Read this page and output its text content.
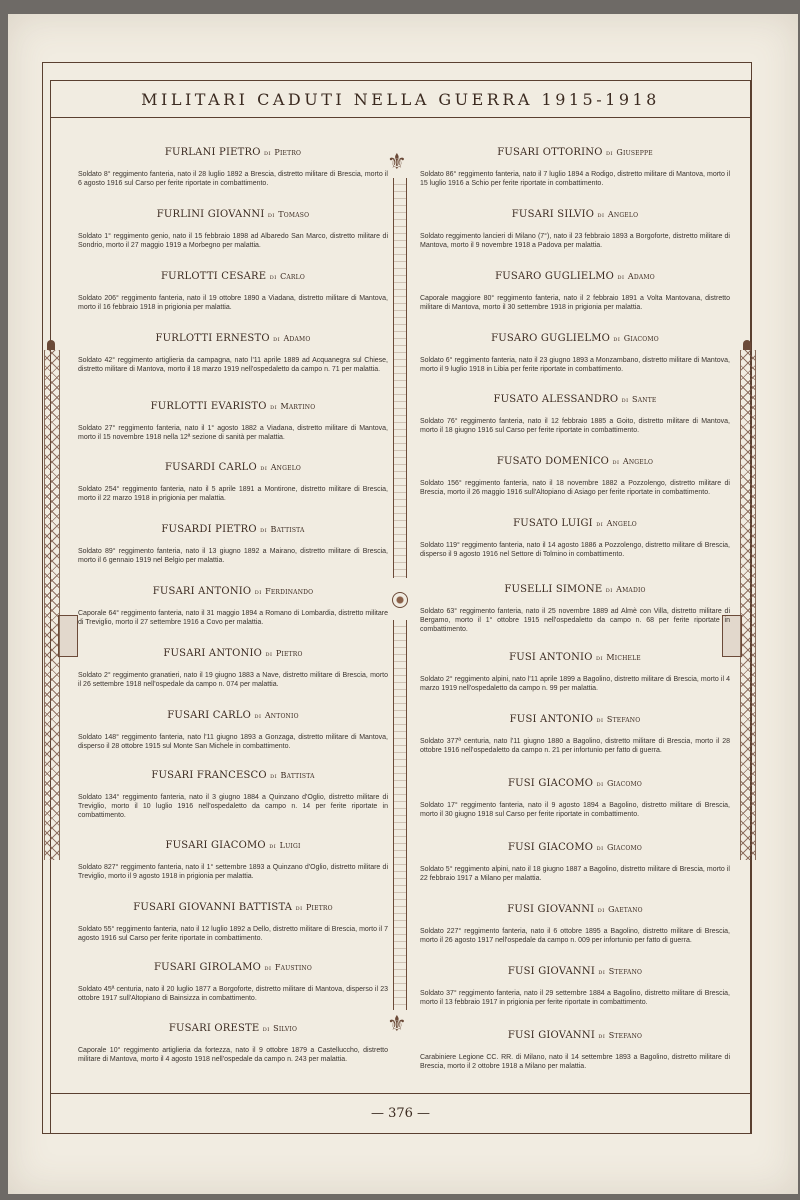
MILITARI CADUTI NELLA GUERRA 1915-1918
⚜
⚜

FURLANI PIETRO di Pietro

Soldato 8° reggimento fanteria, nato il 28 luglio 1892 a Brescia, distretto militare di Brescia, morto il 6 agosto 1916 sul Carso per ferite riportate in combattimento.

FURLINI GIOVANNI di Tomaso

Soldato 1° reggimento genio, nato il 15 febbraio 1898 ad Albaredo San Marco, distretto militare di Sondrio, morto il 27 maggio 1919 a Morbegno per malattia.

FURLOTTI CESARE di Carlo

Soldato 206° reggimento fanteria, nato il 19 ottobre 1890 a Viadana, distretto militare di Mantova, morto il 16 febbraio 1918 in prigionia per malattia.

FURLOTTI ERNESTO di Adamo

Soldato 42° reggimento artiglieria da campagna, nato l'11 aprile 1889 ad Acquanegra sul Chiese, distretto militare di Mantova, morto il 18 marzo 1919 nell'ospedaletto da campo n. 71 per malattia.

FURLOTTI EVARISTO di Martino

Soldato 27° reggimento fanteria, nato il 1° agosto 1882 a Viadana, distretto militare di Mantova, morto il 15 novembre 1918 nella 12ª sezione di sanità per malattia.

FUSARDI CARLO di Angelo

Soldato 254° reggimento fanteria, nato il 5 aprile 1891 a Montirone, distretto militare di Brescia, morto il 22 marzo 1918 in prigionia per malattia.

FUSARDI PIETRO di Battista

Soldato 89° reggimento fanteria, nato il 13 giugno 1892 a Mairano, distretto militare di Brescia, morto il 6 gennaio 1919 nel Belgio per malattia.

FUSARI ANTONIO di Ferdinando

Caporale 64° reggimento fanteria, nato il 31 maggio 1894 a Romano di Lombardia, distretto militare di Treviglio, morto il 27 settembre 1916 a Covo per malattia.

FUSARI ANTONIO di Pietro

Soldato 2° reggimento granatieri, nato il 19 giugno 1883 a Nave, distretto militare di Brescia, morto il 26 settembre 1918 nell'ospedale da campo n. 074 per malattia.

FUSARI CARLO di Antonio

Soldato 148° reggimento fanteria, nato l'11 giugno 1893 a Gonzaga, distretto militare di Mantova, disperso il 28 ottobre 1915 sul Monte San Michele in combattimento.

FUSARI FRANCESCO di Battista

Soldato 134° reggimento fanteria, nato il 3 giugno 1884 a Quinzano d'Oglio, distretto militare di Treviglio, morto il 10 luglio 1916 nell'ospedaletto da campo n. 14 per ferite riportate in combattimento.

FUSARI GIACOMO di Luigi

Soldato 827° reggimento fanteria, nato il 1° settembre 1893 a Quinzano d'Oglio, distretto militare di Treviglio, morto il 9 agosto 1918 in prigionia per malattia.

FUSARI GIOVANNI BATTISTA di Pietro

Soldato 55° reggimento fanteria, nato il 12 luglio 1892 a Dello, distretto militare di Brescia, morto il 7 agosto 1916 sul Carso per ferite riportate in combattimento.

FUSARI GIROLAMO di Faustino

Soldato 45ª centuria, nato il 20 luglio 1877 a Borgoforte, distretto militare di Mantova, disperso il 23 ottobre 1917 sull'Altopiano di Bainsizza in combattimento.

FUSARI ORESTE di Silvio

Caporale 10° reggimento artiglieria da fortezza, nato il 9 ottobre 1879 a Castelluccho, distretto militare di Mantova, morto il 4 agosto 1918 nell'ospedale da campo n. 243 per malattia.

FUSARI OTTORINO di Giuseppe

Soldato 86° reggimento fanteria, nato il 7 luglio 1894 a Rodigo, distretto militare di Mantova, morto il 15 luglio 1916 a Schio per ferite riportate in combattimento.

FUSARI SILVIO di Angelo

Soldato reggimento lancieri di Milano (7°), nato il 23 febbraio 1893 a Borgoforte, distretto militare di Mantova, morto il 9 novembre 1918 a Padova per malattia.

FUSARO GUGLIELMO di Adamo

Caporale maggiore 80° reggimento fanteria, nato il 2 febbraio 1891 a Volta Mantovana, distretto militare di Mantova, morto il 30 settembre 1918 in prigionia per malattia.

FUSARO GUGLIELMO di Giacomo

Soldato 6° reggimento fanteria, nato il 23 giugno 1893 a Monzambano, distretto militare di Mantova, morto il 9 luglio 1918 in Libia per ferite riportate in combattimento.

FUSATO ALESSANDRO di Sante

Soldato 76° reggimento fanteria, nato il 12 febbraio 1885 a Goito, distretto militare di Mantova, morto il 18 giugno 1916 sul Carso per ferite riportate in combattimento.

FUSATO DOMENICO di Angelo

Soldato 156° reggimento fanteria, nato il 18 novembre 1882 a Pozzolengo, distretto militare di Brescia, morto il 26 maggio 1916 sull'Altopiano di Asiago per ferite riportate in combattimento.

FUSATO LUIGI di Angelo

Soldato 119° reggimento fanteria, nato il 14 agosto 1886 a Pozzolengo, distretto militare di Brescia, disperso il 9 agosto 1916 nel Settore di Tolmino in combattimento.

FUSELLI SIMONE di Amadio

Soldato 63° reggimento fanteria, nato il 25 novembre 1889 ad Almè con Villa, distretto militare di Bergamo, morto il 1° ottobre 1915 nell'ospedaletto da campo n. 68 per ferite riportate in combattimento.

FUSI ANTONIO di Michele

Soldato 2° reggimento alpini, nato l'11 aprile 1899 a Bagolino, distretto militare di Brescia, morto il 4 marzo 1919 nell'ospedaletto da campo n. 99 per malattia.

FUSI ANTONIO di Stefano

Soldato 377ª centuria, nato l'11 giugno 1880 a Bagolino, distretto militare di Brescia, morto il 28 ottobre 1916 nell'ospedaletto da campo n. 21 per infortunio per fatto di guerra.

FUSI GIACOMO di Giacomo

Soldato 17° reggimento fanteria, nato il 9 agosto 1894 a Bagolino, distretto militare di Brescia, morto il 30 giugno 1918 sul Carso per ferite riportate in combattimento.

FUSI GIACOMO di Giacomo

Soldato 5° reggimento alpini, nato il 18 giugno 1887 a Bagolino, distretto militare di Brescia, morto il 22 febbraio 1917 a Milano per malattia.

FUSI GIOVANNI di Gaetano

Soldato 227° reggimento fanteria, nato il 6 ottobre 1895 a Bagolino, distretto militare di Brescia, morto il 26 agosto 1917 nell'ospedale da campo n. 009 per infortunio per fatto di guerra.

FUSI GIOVANNI di Stefano

Soldato 37° reggimento fanteria, nato il 29 settembre 1884 a Bagolino, distretto militare di Brescia, morto il 13 febbraio 1917 in prigionia per ferite riportate in combattimento.

FUSI GIOVANNI di Stefano

Carabiniere Legione CC. RR. di Milano, nato il 14 settembre 1893 a Bagolino, distretto militare di Brescia, morto il 2 ottobre 1918 a Milano per malattia.

— 376 —
